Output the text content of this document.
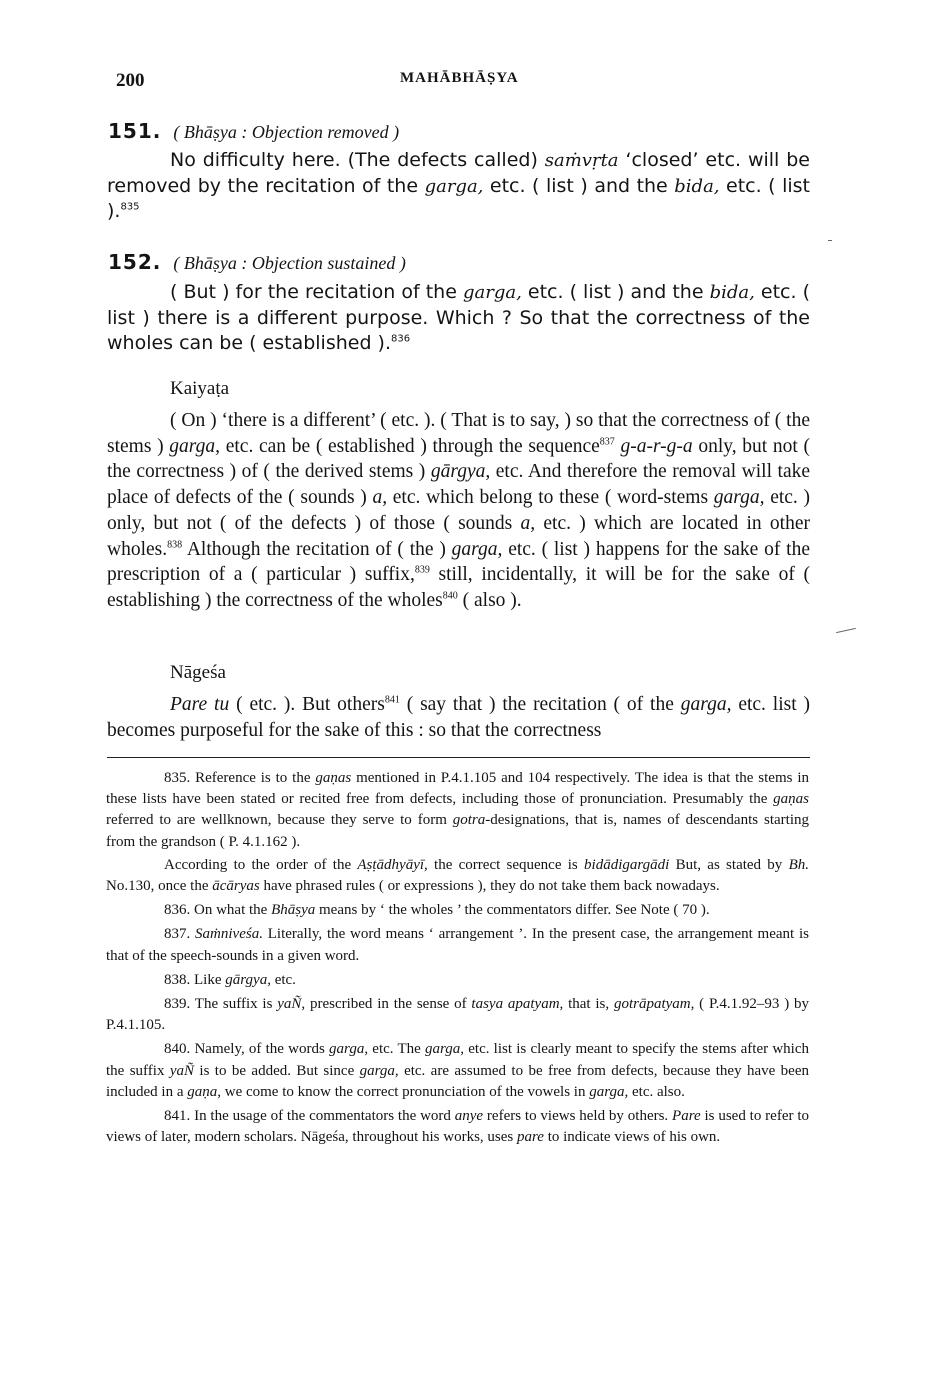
200	MAHĀBHĀṢYA
151. ( Bhāṣya : Objection removed )
No difficulty here. (The defects called) saṁvṛta ‘closed’ etc. will be removed by the recitation of the garga, etc. ( list ) and the bida, etc. ( list ).$^{835}$
152. ( Bhāṣya : Objection sustained )
( But ) for the recitation of the garga, etc. ( list ) and the bida, etc. ( list ) there is a different purpose. Which ? So that the correctness of the wholes can be ( established ).$^{836}$
Kaiyaṭa
( On ) ‘there is a different’ ( etc. ). ( That is to say, ) so that the correctness of ( the stems ) garga, etc. can be ( established ) through the sequence$^{837}$ g-a-r-g-a only, but not ( the correctness ) of ( the derived stems ) gārgya, etc. And therefore the removal will take place of defects of the ( sounds ) a, etc. which belong to these ( word-stems garga, etc. ) only, but not ( of the defects ) of those ( sounds a, etc. ) which are located in other wholes.$^{838}$ Although the recitation of ( the ) garga, etc. ( list ) happens for the sake of the prescription of a ( particular ) suffix,$^{839}$ still, incidentally, it will be for the sake of ( establishing ) the correctness of the wholes$^{840}$ ( also ).
Nāgeśa
Pare tu ( etc. ). But others$^{841}$ ( say that ) the recitation ( of the garga, etc. list ) becomes purposeful for the sake of this : so that the correctness

835. Reference is to the gaṇas mentioned in P.4.1.105 and 104 respectively. The idea is that the stems in these lists have been stated or recited free from defects, including those of pronunciation. Presumably the gaṇas referred to are wellknown, because they serve to form gotra-designations, that is, names of descendants starting from the grandson ( P. 4.1.162 ).

According to the order of the Aṣṭādhyāyī, the correct sequence is bidādigargādi But, as stated by Bh. No.130, once the ācāryas have phrased rules ( or expressions ), they do not take them back nowadays.

836. On what the Bhāṣya means by ‘ the wholes ’ the commentators differ. See Note ( 70 ).

837. Saṁniveśa. Literally, the word means ‘ arrangement ’. In the present case, the arrangement meant is that of the speech-sounds in a given word.

838. Like gārgya, etc.

839. The suffix is yaÑ, prescribed in the sense of tasya apatyam, that is, gotrāpatyam, ( P.4.1.92–93 ) by P.4.1.105.

840. Namely, of the words garga, etc. The garga, etc. list is clearly meant to specify the stems after which the suffix yaÑ is to be added. But since garga, etc. are assumed to be free from defects, because they have been included in a gaṇa, we come to know the correct pronunciation of the vowels in garga, etc. also.

841. In the usage of the commentators the word anye refers to views held by others. Pare is used to refer to views of later, modern scholars. Nāgeśa, throughout his works, uses pare to indicate views of his own.
